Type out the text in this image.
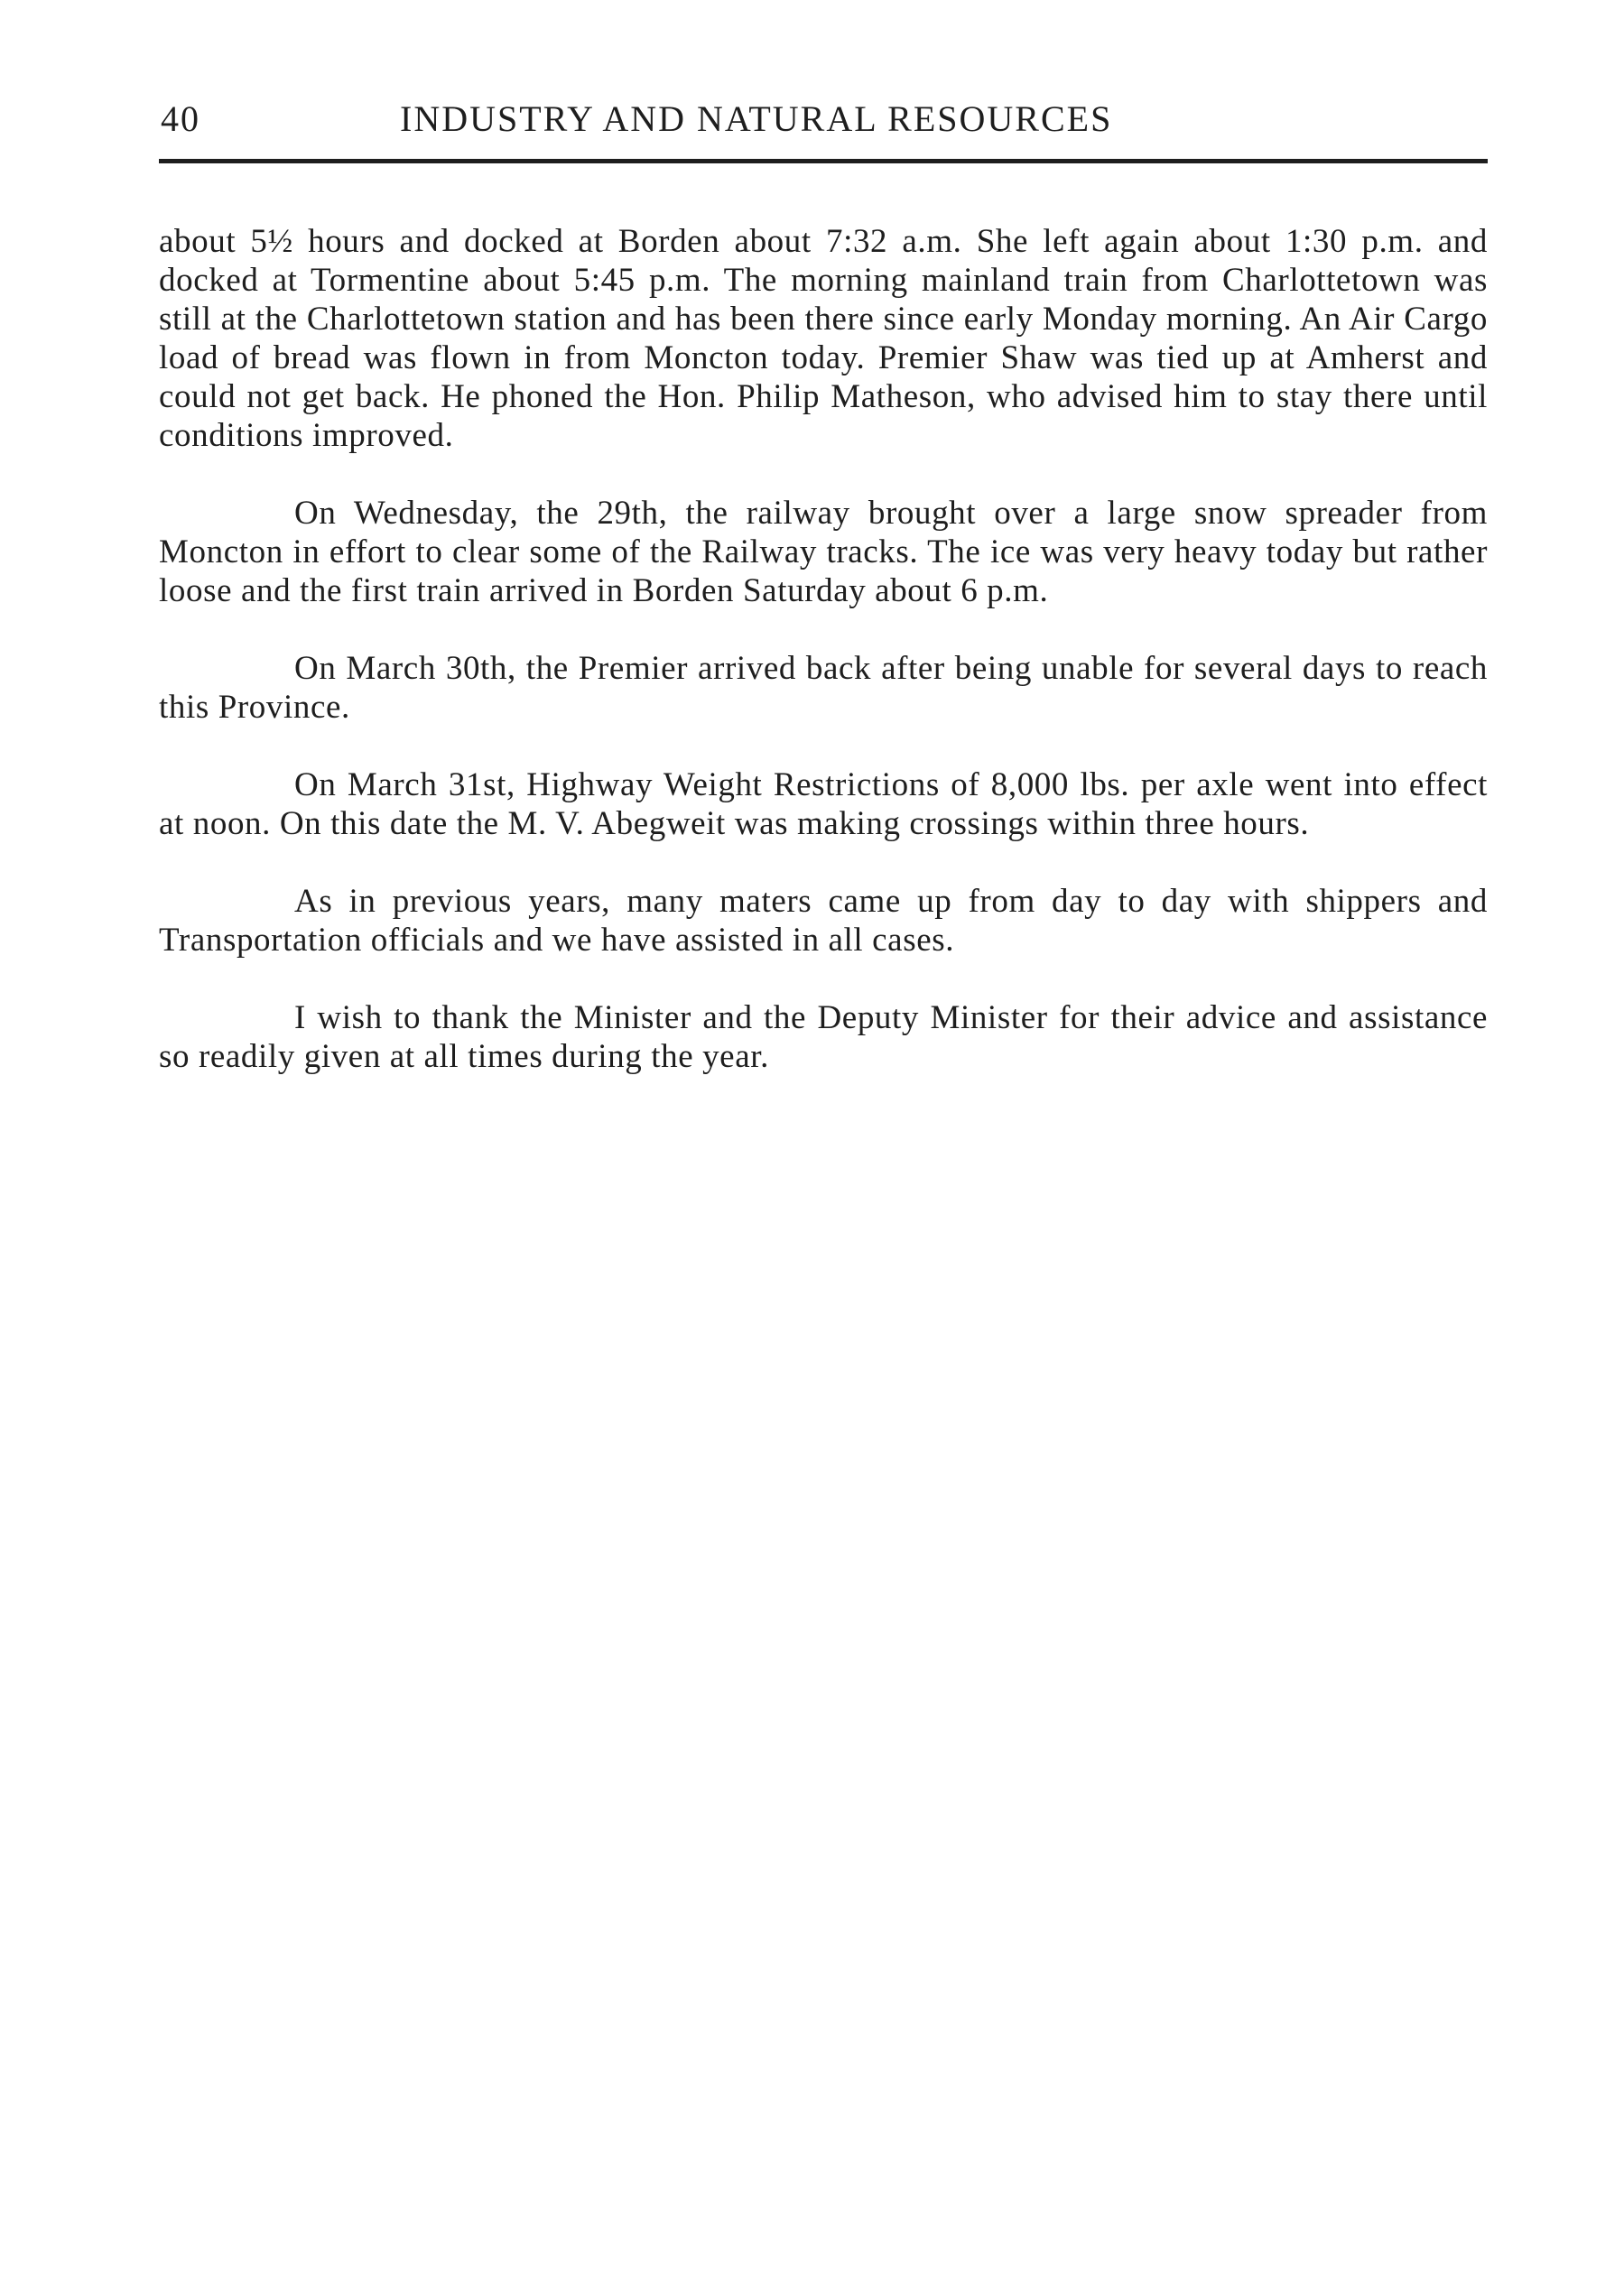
40	INDUSTRY AND NATURAL RESOURCES

about 5½ hours and docked at Borden about 7:32 a.m. She left again about 1:30 p.m. and docked at Tormentine about 5:45 p.m. The morning mainland train from Charlottetown was still at the Charlottetown station and has been there since early Monday morning. An Air Cargo load of bread was flown in from Moncton today. Premier Shaw was tied up at Amherst and could not get back. He phoned the Hon. Philip Matheson, who advised him to stay there until conditions improved.

On Wednesday, the 29th, the railway brought over a large snow spreader from Moncton in effort to clear some of the Railway tracks. The ice was very heavy today but rather loose and the first train arrived in Borden Saturday about 6 p.m.

On March 30th, the Premier arrived back after being unable for several days to reach this Province.

On March 31st, Highway Weight Restrictions of 8,000 lbs. per axle went into effect at noon. On this date the M. V. Abegweit was making crossings within three hours.

As in previous years, many maters came up from day to day with shippers and Transportation officials and we have assisted in all cases.

I wish to thank the Minister and the Deputy Minister for their advice and assistance so readily given at all times during the year.
